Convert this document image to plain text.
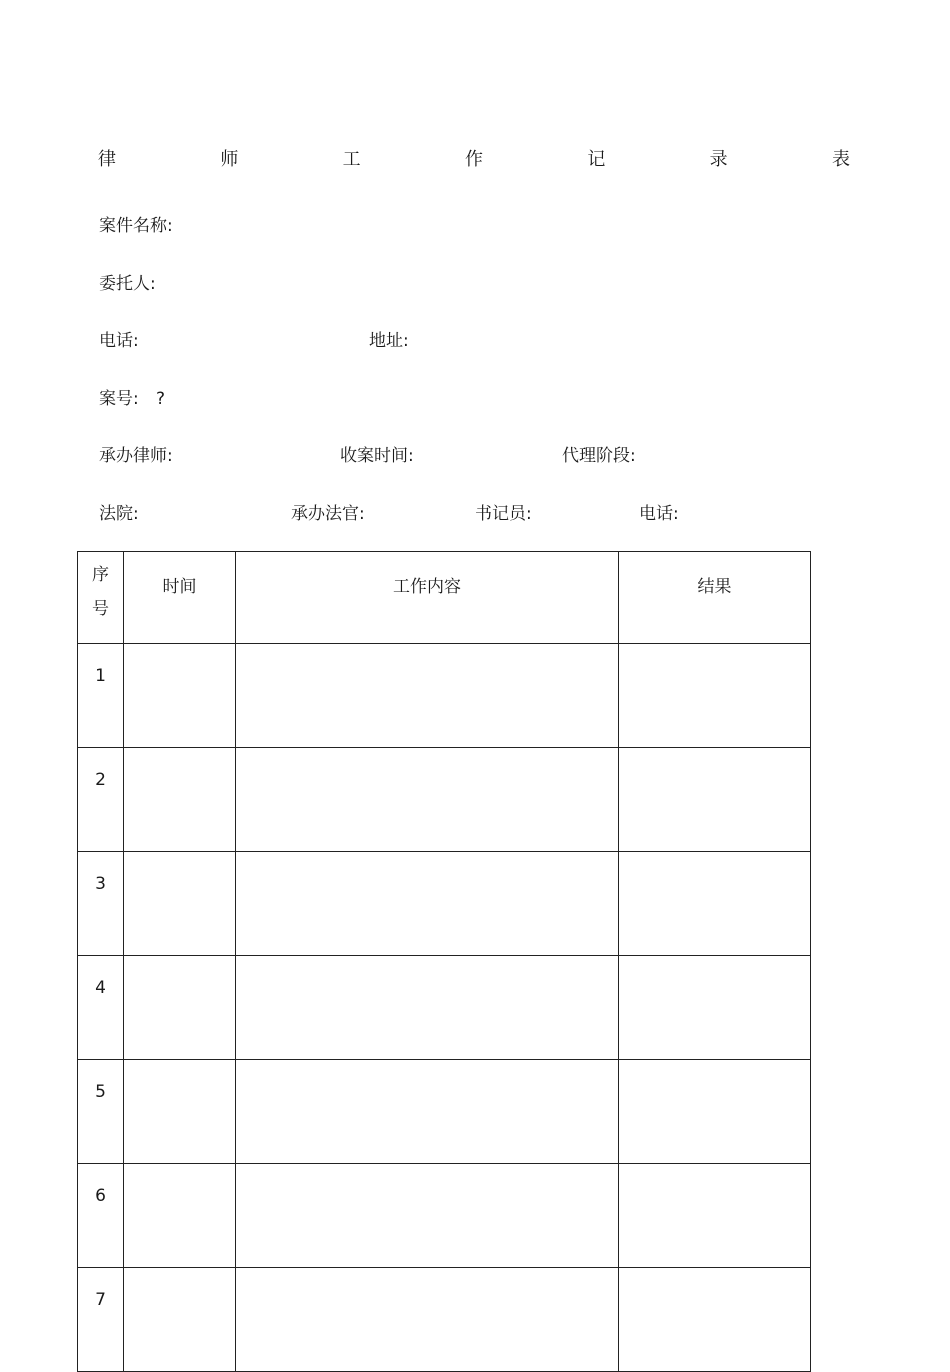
律	师	工	作	记	录	表
案件名称:
委托人:
电话:	地址:
案号: ?
承办律师:	收案时间:	代理阶段:
法院:	承办法官:	书记员:	电话:
序
号	时间	工作内容	结果
1			
2			
3			
4			
5			
6			
7			
